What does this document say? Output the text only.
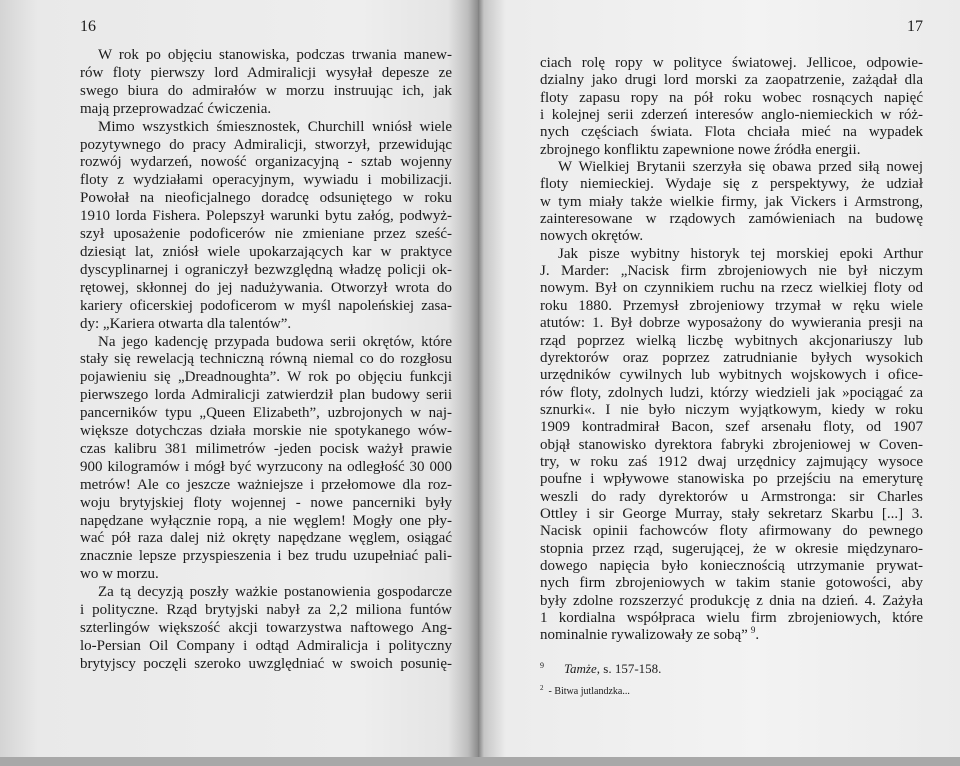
16
W rok po objęciu stanowiska, podczas trwania manew-
rów floty pierwszy lord Admiralicji wysyłał depesze ze
swego biura do admirałów w morzu instruując ich, jak
mają przeprowadzać ćwiczenia.
Mimo wszystkich śmiesznostek, Churchill wniósł wiele
pozytywnego do pracy Admiralicji, stworzył, przewidując
rozwój wydarzeń, nowość organizacyjną - sztab wojenny
floty z wydziałami operacyjnym, wywiadu i mobilizacji.
Powołał na nieoficjalnego doradcę odsuniętego w roku
1910 lorda Fishera. Polepszył warunki bytu załóg, podwyż-
szył uposażenie podoficerów nie zmieniane przez sześć-
dziesiąt lat, zniósł wiele upokarzających kar w praktyce
dyscyplinarnej i ograniczył bezwzględną władzę policji ok-
rętowej, skłonnej do jej nadużywania. Otworzył wrota do
kariery oficerskiej podoficerom w myśl napoleńskiej zasa-
dy: „Kariera otwarta dla talentów”.
Na jego kadencję przypada budowa serii okrętów, które
stały się rewelacją techniczną równą niemal co do rozgłosu
pojawieniu się „Dreadnoughta”. W rok po objęciu funkcji
pierwszego lorda Admiralicji zatwierdził plan budowy serii
pancerników typu „Queen Elizabeth”, uzbrojonych w naj-
większe dotychczas działa morskie nie spotykanego wów-
czas kalibru 381 milimetrów -jeden pocisk ważył prawie
900 kilogramów i mógł być wyrzucony na odległość 30 000
metrów! Ale co jeszcze ważniejsze i przełomowe dla roz-
woju brytyjskiej floty wojennej - nowe pancerniki były
napędzane wyłącznie ropą, a nie węglem! Mogły one pły-
wać pół raza dalej niż okręty napędzane węglem, osiągać
znacznie lepsze przyspieszenia i bez trudu uzupełniać pali-
wo w morzu.
Za tą decyzją poszły ważkie postanowienia gospodarcze
i polityczne. Rząd brytyjski nabył za 2,2 miliona funtów
szterlingów większość akcji towarzystwa naftowego Ang-
lo-Persian Oil Company i odtąd Admiralicja i polityczny
brytyjscy poczęli szeroko uwzględniać w swoich posunię-
17
ciach rolę ropy w polityce światowej. Jellicoe, odpowie-
dzialny jako drugi lord morski za zaopatrzenie, zażądał dla
floty zapasu ropy na pół roku wobec rosnących napięć
i kolejnej serii zderzeń interesów anglo-niemieckich w róż-
nych częściach świata. Flota chciała mieć na wypadek
zbrojnego konfliktu zapewnione nowe źródła energii.
W Wielkiej Brytanii szerzyła się obawa przed siłą nowej
floty niemieckiej. Wydaje się z perspektywy, że udział
w tym miały także wielkie firmy, jak Vickers i Armstrong,
zainteresowane w rządowych zamówieniach na budowę
nowych okrętów.
Jak pisze wybitny historyk tej morskiej epoki Arthur
J. Marder: „Nacisk firm zbrojeniowych nie był niczym
nowym. Był on czynnikiem ruchu na rzecz wielkiej floty od
roku 1880. Przemysł zbrojeniowy trzymał w ręku wiele
atutów: 1. Był dobrze wyposażony do wywierania presji na
rząd poprzez wielką liczbę wybitnych akcjonariuszy lub
dyrektorów oraz poprzez zatrudnianie byłych wysokich
urzędników cywilnych lub wybitnych wojskowych i ofice-
rów floty, zdolnych ludzi, którzy wiedzieli jak »pociągać za
sznurki«. I nie było niczym wyjątkowym, kiedy w roku
1909 kontradmirał Bacon, szef arsenału floty, od 1907
objął stanowisko dyrektora fabryki zbrojeniowej w Coven-
try, w roku zaś 1912 dwaj urzędnicy zajmujący wysoce
poufne i wpływowe stanowiska po przejściu na emeryturę
weszli do rady dyrektorów u Armstronga: sir Charles
Ottley i sir George Murray, stały sekretarz Skarbu [...] 3.
Nacisk opinii fachowców floty afirmowany do pewnego
stopnia przez rząd, sugerującej, że w okresie międzynaro-
dowego napięcia było koniecznością utrzymanie prywat-
nych firm zbrojeniowych w takim stanie gotowości, aby
były zdolne rozszerzyć produkcję z dnia na dzień. 4. Zażyła
1 kordialna współpraca wielu firm zbrojeniowych, które
nominalnie rywalizowały ze sobą” $^9$.
$^9$ Tamże, s. 157-158.
$^2$ - Bitwa jutlandzka...
